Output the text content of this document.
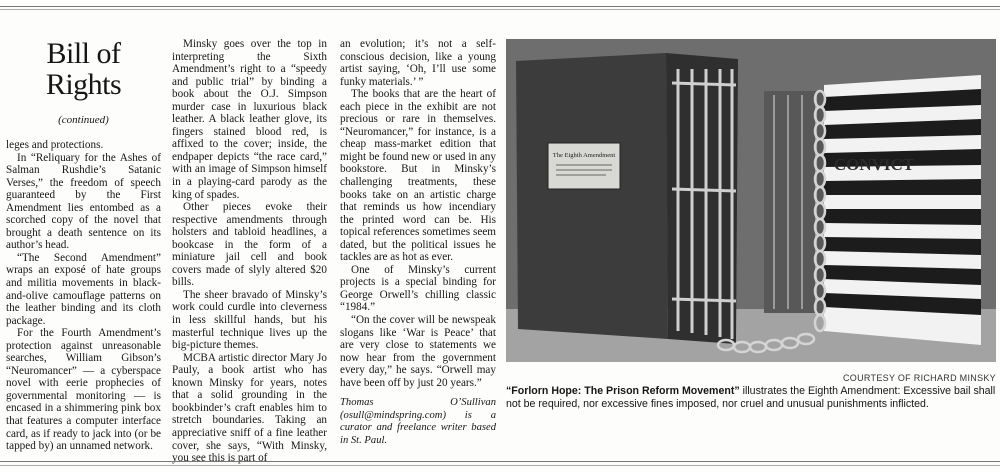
Bill of
Rights
(continued)

leges and protections.

In “Reliquary for the Ashes of Salman Rushdie’s Satanic Verses,” the freedom of speech guaranteed by the First Amendment lies entombed as a scorched copy of the novel that brought a death sentence on its author’s head.

“The Second Amendment” wraps an exposé of hate groups and militia movements in black-and-olive camouflage patterns on the leather binding and its cloth package.

For the Fourth Amendment’s protection against unreasonable searches, William Gibson’s “Neuromancer” — a cyberspace novel with eerie prophecies of governmental monitoring — is encased in a shimmering pink box that features a computer interface card, as if ready to jack into (or be tapped by) an unnamed network.

Minsky goes over the top in interpreting the Sixth Amendment’s right to a “speedy and public trial” by binding a book about the O.J. Simpson murder case in luxurious black leather. A black leather glove, its fingers stained blood red, is affixed to the cover; inside, the endpaper depicts “the race card,” with an image of Simpson himself in a playing-card parody as the king of spades.

Other pieces evoke their respective amendments through holsters and tabloid headlines, a bookcase in the form of a miniature jail cell and book covers made of slyly altered $20 bills.

The sheer bravado of Minsky’s work could curdle into cleverness in less skillful hands, but his masterful technique lives up the big-picture themes.

MCBA artistic director Mary Jo Pauly, a book artist who has known Minsky for years, notes that a solid grounding in the bookbinder’s craft enables him to stretch boundaries. Taking an appreciative sniff of a fine leather cover, she says, “With Minsky, you see this is part of

an evolution; it’s not a self-conscious decision, like a young artist saying, ‘Oh, I’ll use some funky materials.’ ”

The books that are the heart of each piece in the exhibit are not precious or rare in themselves. “Neuromancer,” for instance, is a cheap mass-market edition that might be found new or used in any bookstore. But in Minsky’s challenging treatments, these books take on an artistic charge that reminds us how incendiary the printed word can be. His topical references sometimes seem dated, but the political issues he tackles are as hot as ever.

One of Minsky’s current projects is a special binding for George Orwell’s chilling classic “1984.”

“On the cover will be newspeak slogans like ‘War is Peace’ that are very close to statements we now hear from the government every day,” he says. “Orwell may have been off by just 20 years.”

Thomas O’Sullivan (osull@mindspring.com) is a curator and freelance writer based in St. Paul.

The Eighth Amendment	CONVICT
COURTESY OF RICHARD MINSKY
“Forlorn Hope: The Prison Reform Movement” illustrates the Eighth Amendment: Excessive bail shall not be required, nor excessive fines imposed, nor cruel and unusual punishments inflicted.
